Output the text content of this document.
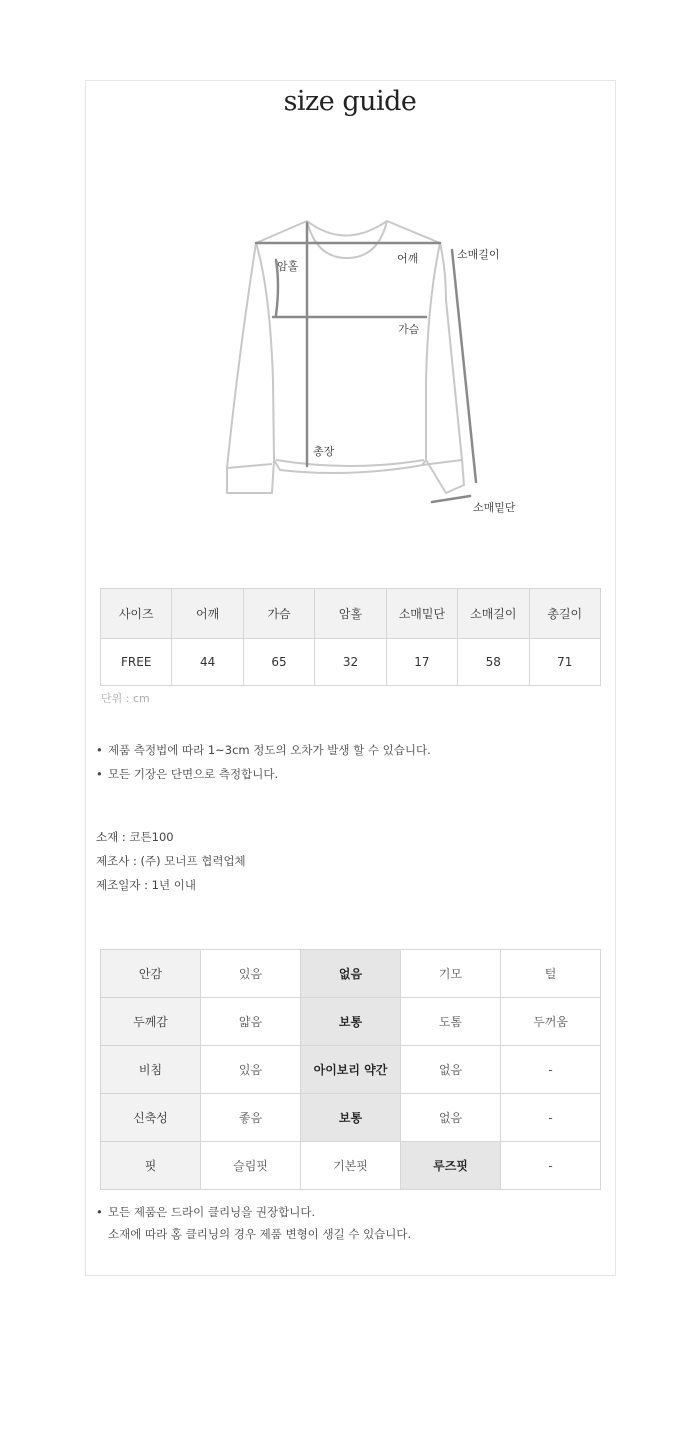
size guide
암홀
어깨	소매길이
가슴
총장
소매밑단
사이즈	어깨	가슴	암홀	소매밑단	소매길이	총길이
FREE	44	65	32	17	58	71
단위 : cm
• 제품 측정법에 따라 1~3cm 정도의 오차가 발생 할 수 있습니다.
• 모든 기장은 단면으로 측정합니다.
소재 : 코튼100
제조사 : (주) 모너프 협력업체
제조일자 : 1년 이내
안감	있음	없음	기모	털
두께감	얇음	보통	도톰	두꺼움
비침	있음	아이보리 약간	없음	-
신축성	좋음	보통	없음	-
핏	슬림핏	기본핏	루즈핏	-
• 모든 제품은 드라이 클리닝을 권장합니다.
소재에 따라 홈 클리닝의 경우 제품 변형이 생길 수 있습니다.
